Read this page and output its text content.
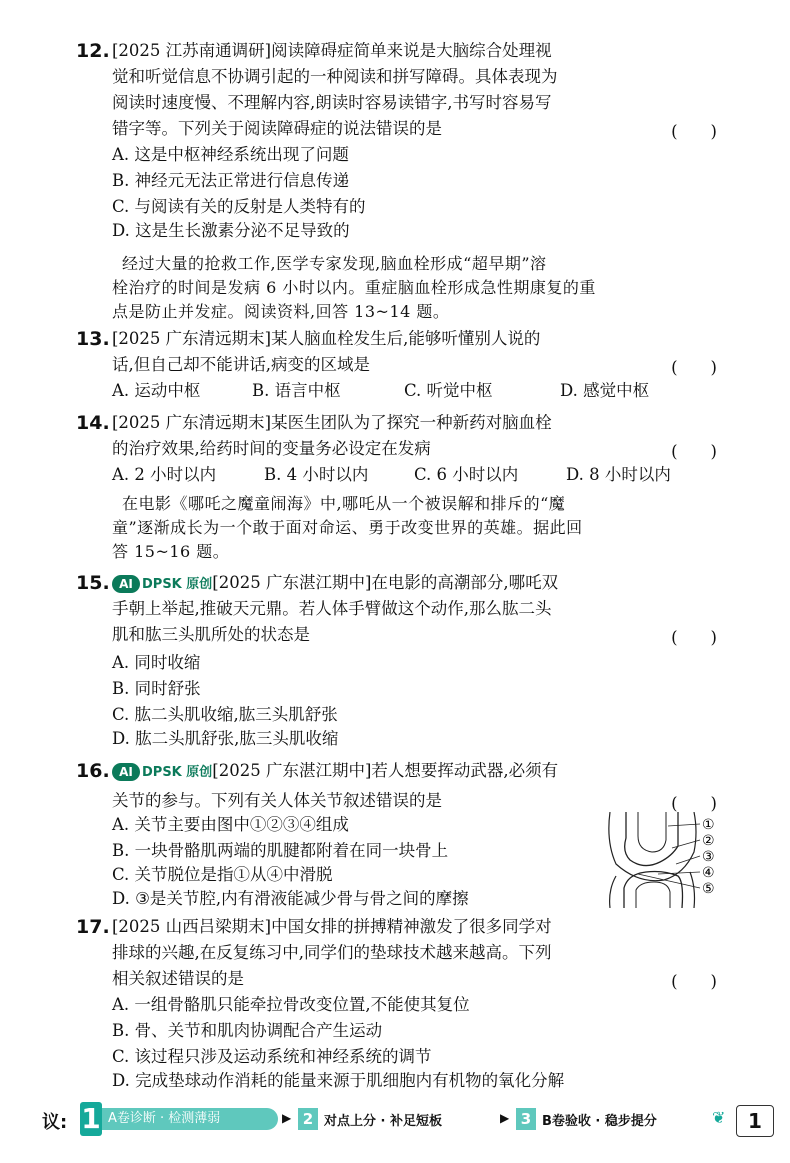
12. [2025 江苏南通调研]阅读障碍症简单来说是大脑综合处理视
觉和听觉信息不协调引起的一种阅读和拼写障碍。具体表现为
阅读时速度慢、不理解内容,朗读时容易读错字,书写时容易写
错字等。下列关于阅读障碍症的说法错误的是	(　　)
A. 这是中枢神经系统出现了问题
B. 神经元无法正常进行信息传递
C. 与阅读有关的反射是人类特有的
D. 这是生长激素分泌不足导致的
经过大量的抢救工作,医学专家发现,脑血栓形成“超早期”溶
栓治疗的时间是发病 6 小时以内。重症脑血栓形成急性期康复的重
点是防止并发症。阅读资料,回答 13~14 题。
13. [2025 广东清远期末]某人脑血栓发生后,能够听懂别人说的
话,但自己却不能讲话,病变的区域是	(　　)
A. 运动中枢	B. 语言中枢	C. 听觉中枢	D. 感觉中枢
14. [2025 广东清远期末]某医生团队为了探究一种新药对脑血栓
的治疗效果,给药时间的变量务必设定在发病	(　　)
A. 2 小时以内	B. 4 小时以内	C. 6 小时以内	D. 8 小时以内
在电影《哪吒之魔童闹海》中,哪吒从一个被误解和排斥的“魔
童”逐渐成长为一个敢于面对命运、勇于改变世界的英雄。据此回
答 15~16 题。
15. AI DPSK 原创[2025 广东湛江期中]在电影的高潮部分,哪吒双
手朝上举起,推破天元鼎。若人体手臂做这个动作,那么肱二头
肌和肱三头肌所处的状态是	(　　)
A. 同时收缩
B. 同时舒张
C. 肱二头肌收缩,肱三头肌舒张
D. 肱二头肌舒张,肱三头肌收缩
16. AI DPSK 原创[2025 广东湛江期中]若人想要挥动武器,必须有
关节的参与。下列有关人体关节叙述错误的是	(　　)
A. 关节主要由图中①②③④组成
B. 一块骨骼肌两端的肌腱都附着在同一块骨上
C. 关节脱位是指①从④中滑脱
D. ③是关节腔,内有滑液能减少骨与骨之间的摩擦
①
②
③
④
⑤
17. [2025 山西吕梁期末]中国女排的拼搏精神激发了很多同学对
排球的兴趣,在反复练习中,同学们的垫球技术越来越高。下列
相关叙述错误的是	(　　)
A. 一组骨骼肌只能牵拉骨改变位置,不能使其复位
B. 骨、关节和肌肉协调配合产生运动
C. 该过程只涉及运动系统和神经系统的调节
D. 完成垫球动作消耗的能量来源于肌细胞内有机物的氧化分解
议: 1 A卷诊断 · 检测薄弱	▶ 2 对点上分 · 补足短板	▶ 3 B卷验收 · 稳步提分	❦	1
